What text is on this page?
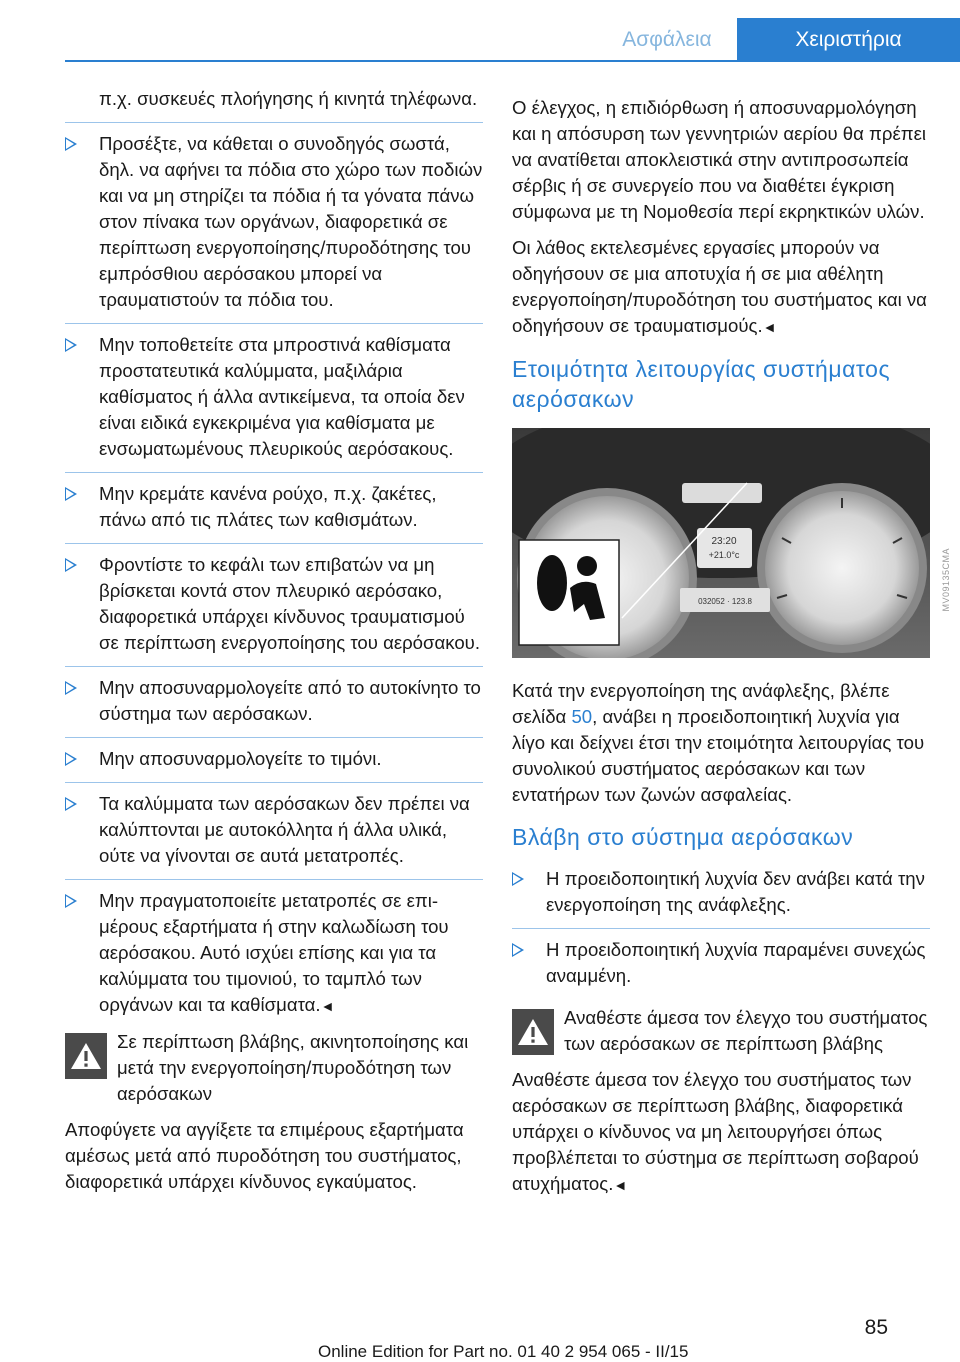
Ασφάλεια	Χειριστήρια

π.χ. συσκευές πλοήγησης ή κινητά τηλέφωνα.

Προσέξτε, να κάθεται ο συνοδηγός σωστά, δηλ. να αφήνει τα πόδια στο χώρο των ποδιών και να μη στηρίζει τα πόδια ή τα γόνατα πάνω στον πίνακα των οργάνων, διαφορετικά σε περίπτωση ενεργοποίησης/πυροδότησης του εμπρόσθιου αερόσακου μπορεί να τραυματιστούν τα πόδια του.
Μην τοποθετείτε στα μπροστινά καθίσματα προστατευτικά καλύμματα, μαξιλάρια καθίσματος ή άλλα αντικείμενα, τα οποία δεν είναι ειδικά εγκεκριμένα για καθίσματα με ενσωματωμένους πλευρικούς αερόσακους.
Μην κρεμάτε κανένα ρούχο, π.χ. ζακέτες, πάνω από τις πλάτες των καθισμάτων.
Φροντίστε το κεφάλι των επιβατών να μη βρίσκεται κοντά στον πλευρικό αερόσακο, διαφορετικά υπάρχει κίνδυνος τραυματισμού σε περίπτωση ενεργοποίησης του αερόσακου.
Μην αποσυναρμολογείτε από το αυτοκίνητο το σύστημα των αερόσακων.
Μην αποσυναρμολογείτε το τιμόνι.
Τα καλύμματα των αερόσακων δεν πρέπει να καλύπτονται με αυτοκόλλητα ή άλλα υλικά, ούτε να γίνονται σε αυτά μετατροπές.
Μην πραγματοποιείτε μετατροπές σε επιμέρους εξαρτήματα ή στην καλωδίωση του αερόσακου. Αυτό ισχύει επίσης και για τα καλύμματα του τιμονιού, το ταμπλό των οργάνων και τα καθίσματα.◄
Σε περίπτωση βλάβης, ακινητοποίησης και μετά την ενεργοποίηση/πυροδότηση των αερόσακων

Αποφύγετε να αγγίξετε τα επιμέρους εξαρτήματα αμέσως μετά από πυροδότηση του συστήματος, διαφορετικά υπάρχει κίνδυνος εγκαύματος.

Ο έλεγχος, η επιδιόρθωση ή αποσυναρμολόγηση και η απόσυρση των γεννητριών αερίου θα πρέπει να ανατίθεται αποκλειστικά στην αντιπροσωπεία σέρβις ή σε συνεργείο που να διαθέτει έγκριση σύμφωνα με τη Νομοθεσία περί εκρηκτικών υλών.

Οι λάθος εκτελεσμένες εργασίες μπορούν να οδηγήσουν σε μια αποτυχία ή σε μια αθέλητη ενεργοποίηση/πυροδότηση του συστήματος και να οδηγήσουν σε τραυματισμούς.◄

Ετοιμότητα λειτουργίας συστήματος αερόσακων
23:20
+21.0°c
032052 · 123.8	MV09135CMA

Κατά την ενεργοποίηση της ανάφλεξης, βλέπε σελίδα 50, ανάβει η προειδοποιητική λυχνία για λίγο και δείχνει έτσι την ετοιμότητα λειτουργίας του συνολικού συστήματος αερόσακων και των εντατήρων των ζωνών ασφαλείας.

Βλάβη στο σύστημα αερόσακων
Η προειδοποιητική λυχνία δεν ανάβει κατά την ενεργοποίηση της ανάφλεξης.
Η προειδοποιητική λυχνία παραμένει συνεχώς αναμμένη.
Αναθέστε άμεσα τον έλεγχο του συστήματος των αερόσακων σε περίπτωση βλάβης

Αναθέστε άμεσα τον έλεγχο του συστήματος των αερόσακων σε περίπτωση βλάβης, διαφορετικά υπάρχει ο κίνδυνος να μη λειτουργήσει όπως προβλέπεται το σύστημα σε περίπτωση σοβαρού ατυχήματος.◄

85
Online Edition for Part no. 01 40 2 954 065 - II/15
